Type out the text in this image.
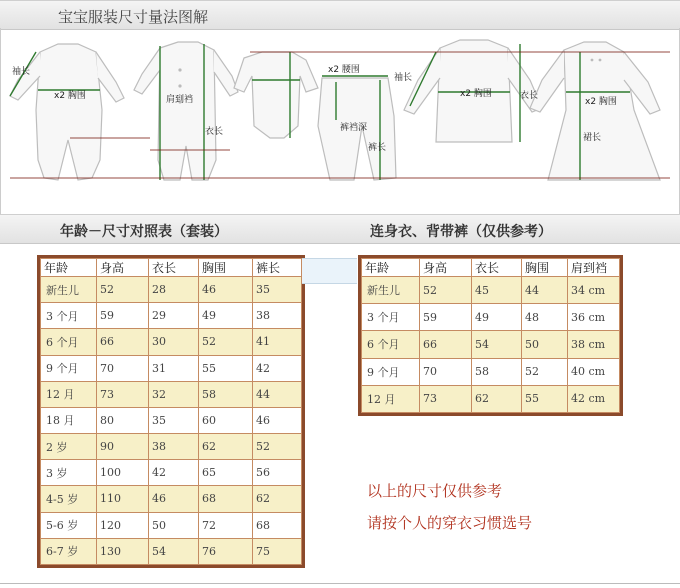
宝宝服装尺寸量法图解
袖长
x2 胸围	肩到裆
衣长
x2 腰围
裤裆深
裤长
袖长
x2 胸围	衣长
x2 胸围
裙长
年龄－尺寸对照表（套装）	连身衣、背带裤（仅供参考）
年龄	身高	衣长	胸围	裤长
新生儿	52	28	46	35
3 个月	59	29	49	38
6 个月	66	30	52	41
9 个月	70	31	55	42
12 月	73	32	58	44
18 月	80	35	60	46
2 岁	90	38	62	52
3 岁	100	42	65	56
4-5 岁	110	46	68	62
5-6 岁	120	50	72	68
6-7 岁	130	54	76	75
年龄	身高	衣长	胸围	肩到裆
新生儿	52	45	44	34 cm
3 个月	59	49	48	36 cm
6 个月	66	54	50	38 cm
9 个月	70	58	52	40 cm
12 月	73	62	55	42 cm
以上的尺寸仅供参考
请按个人的穿衣习惯选号
